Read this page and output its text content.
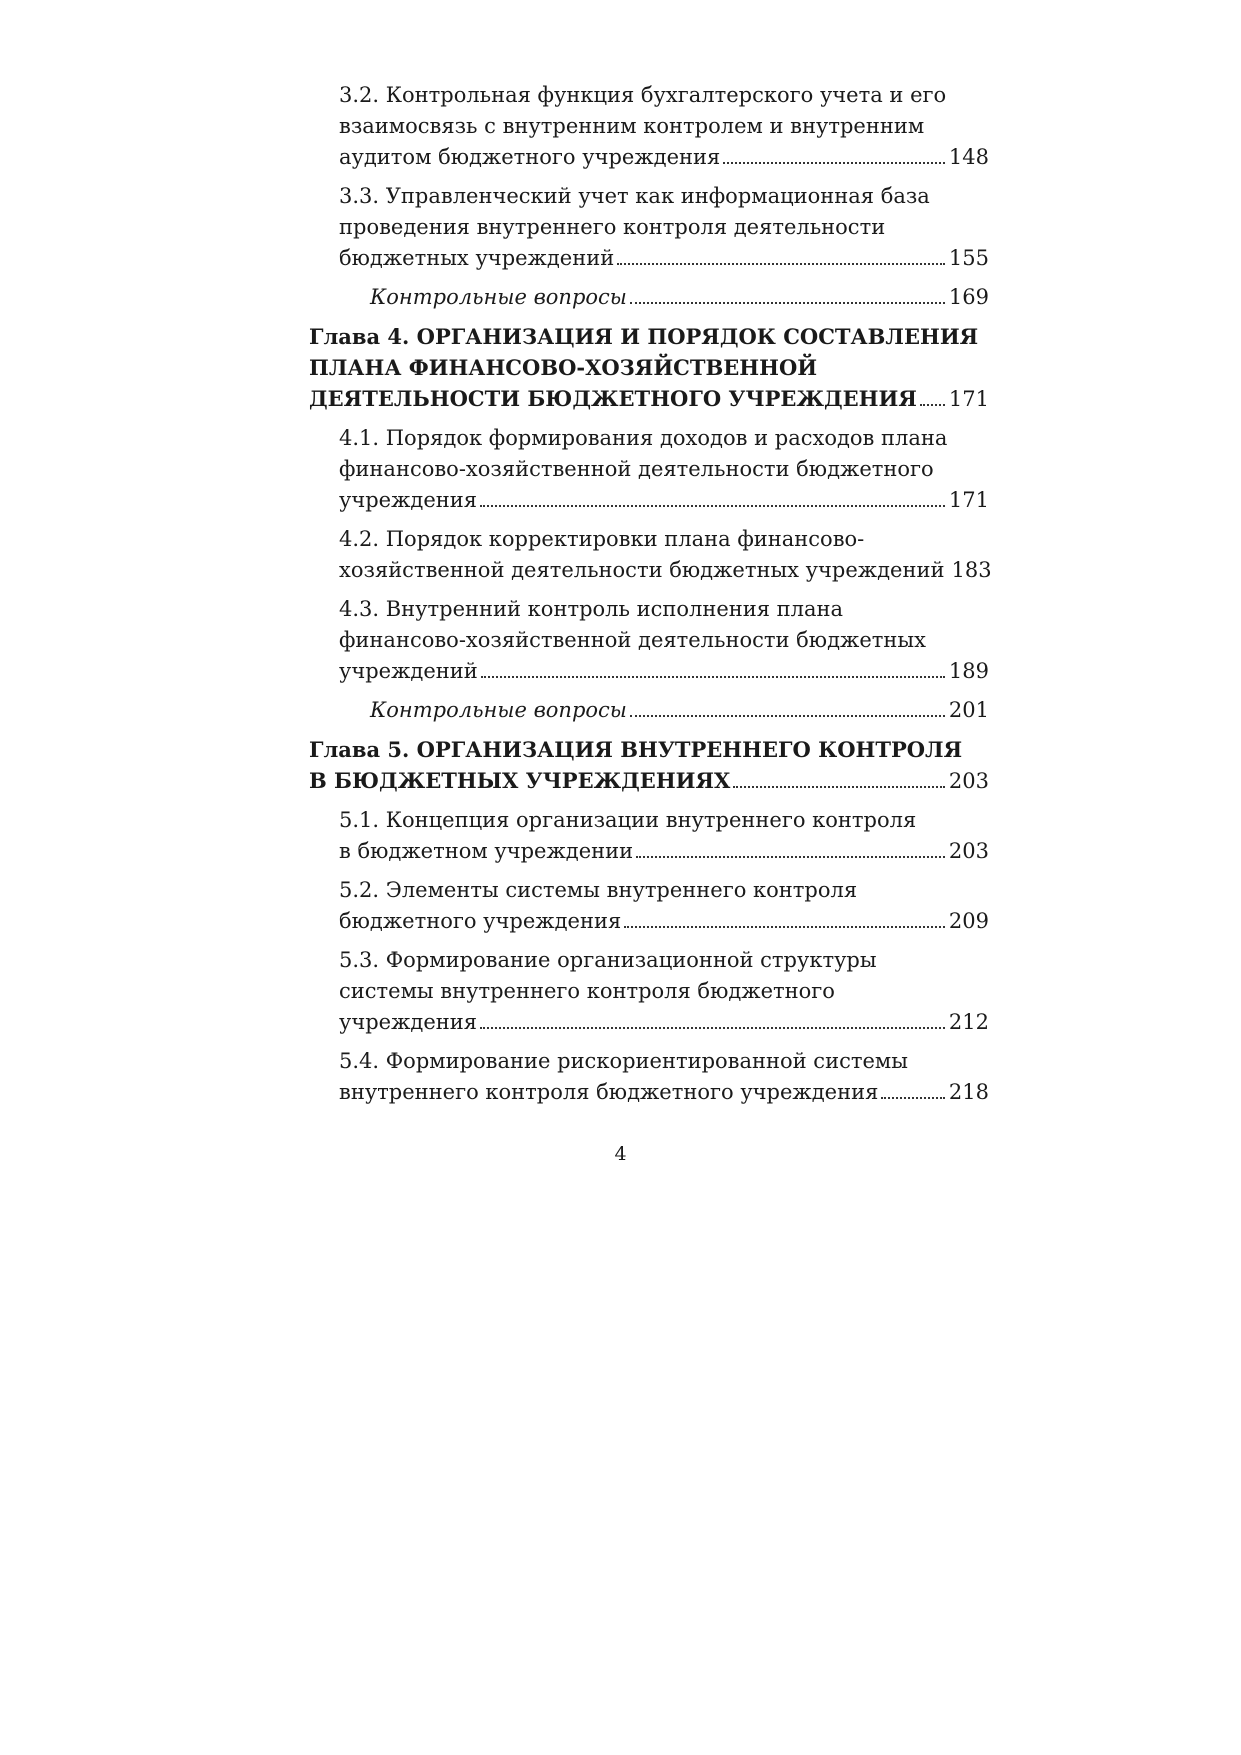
3.2. Контрольная функция бухгалтерского учета и его
взаимосвязь с внутренним контролем и внутренним
аудитом бюджетного учреждения	148
3.3. Управленческий учет как информационная база
проведения внутреннего контроля деятельности
бюджетных учреждений	155
Контрольные вопросы	169
Глава 4. ОРГАНИЗАЦИЯ И ПОРЯДОК СОСТАВЛЕНИЯ
ПЛАНА ФИНАНСОВО-ХОЗЯЙСТВЕННОЙ
ДЕЯТЕЛЬНОСТИ БЮДЖЕТНОГО УЧРЕЖДЕНИЯ 171
4.1. Порядок формирования доходов и расходов плана
финансово-хозяйственной деятельности бюджетного
учреждения	171
4.2. Порядок корректировки плана финансово-
хозяйственной деятельности бюджетных учреждений 183
4.3. Внутренний контроль исполнения плана
финансово-хозяйственной деятельности бюджетных
учреждений	189
Контрольные вопросы	201
Глава 5. ОРГАНИЗАЦИЯ ВНУТРЕННЕГО КОНТРОЛЯ
В БЮДЖЕТНЫХ УЧРЕЖДЕНИЯХ	203
5.1. Концепция организации внутреннего контроля
в бюджетном учреждении	203
5.2. Элементы системы внутреннего контроля
бюджетного учреждения	209
5.3. Формирование организационной структуры
системы внутреннего контроля бюджетного
учреждения	212
5.4. Формирование рискориентированной системы
внутреннего контроля бюджетного учреждения	218
4
